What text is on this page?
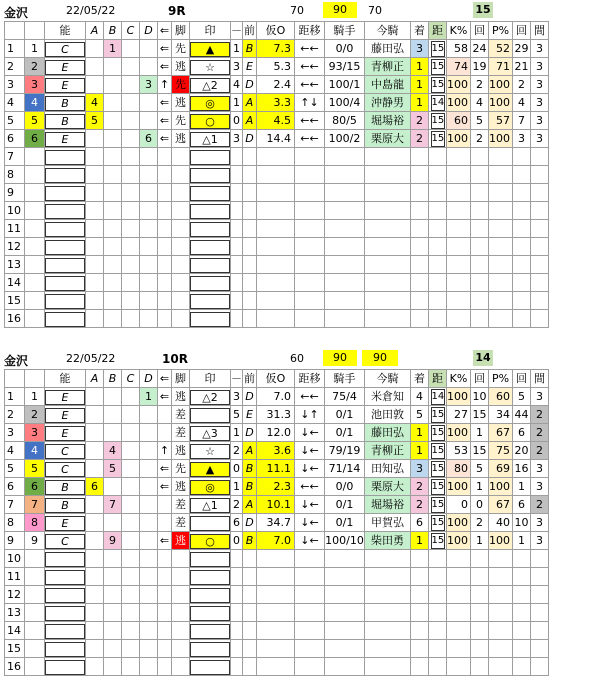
金沢	22/05/22	9R	70	90	70	15
		能	A	B	C	D	⇐	脚	印	－	前	仮O	距移	騎手	今騎	着	距	K%	回	P%	回	間
1	1	C		1			⇐	先	▲	1	B	7.3	←←	0/0	藤田弘	3	15	58	24	52	29	3
2	2	E					⇐	逃	☆	3	E	5.3	←←	93/15	青柳正	1	15	74	19	71	21	3
3	3	E				3	↑	先	△2	4	D	2.4	←←	100/1	中島龍	1	15	100	2	100	2	3
4	4	B	4				⇐	逃	◎	1	A	3.3	↑↓	100/4	沖静男	1	14	100	4	100	4	3
5	5	B	5				⇐	先	○	0	A	4.5	←←	80/5	堀場裕	2	15	60	5	57	7	3
6	6	E				6	⇐	逃	△1	3	D	14.4	←←	100/2	栗原大	2	15	100	2	100	3	3
7																						
8																						
9																						
10																						
11																						
12																						
13																						
14																						
15																						
16																						
金沢	22/05/22	10R	60	90	90	14
		能	A	B	C	D	⇐	脚	印	－	前	仮O	距移	騎手	今騎	着	距	K%	回	P%	回	間
1	1	E				1	⇐	逃	△2	3	D	7.0	←←	75/4	米倉知	4	14	100	10	60	5	3
2	2	E						差		5	E	31.3	↓↑	0/1	池田敦	5	15	27	15	34	44	2
3	3	E						差	△3	1	D	12.0	↓←	0/1	藤田弘	1	15	100	1	67	6	2
4	4	C		4			↑	逃	☆	2	A	3.6	↓←	79/19	青柳正	1	15	53	15	75	20	2
5	5	C		5			⇐	先	▲	0	B	11.1	↓←	71/14	田知弘	3	15	80	5	69	16	3
6	6	B	6				⇐	逃	◎	1	B	2.3	←←	0/0	栗原大	2	15	100	1	100	1	3
7	7	B		7				差	△1	2	A	10.1	↓←	0/1	堀場裕	2	15	0	0	67	6	2
8	8	E						差		6	D	34.7	↓←	0/1	甲賀弘	6	15	100	2	40	10	3
9	9	C		9			⇐	逃	○	0	B	7.0	↓←	100/10	柴田勇	1	15	100	1	100	1	3
10																						
11																						
12																						
13																						
14																						
15																						
16																						
